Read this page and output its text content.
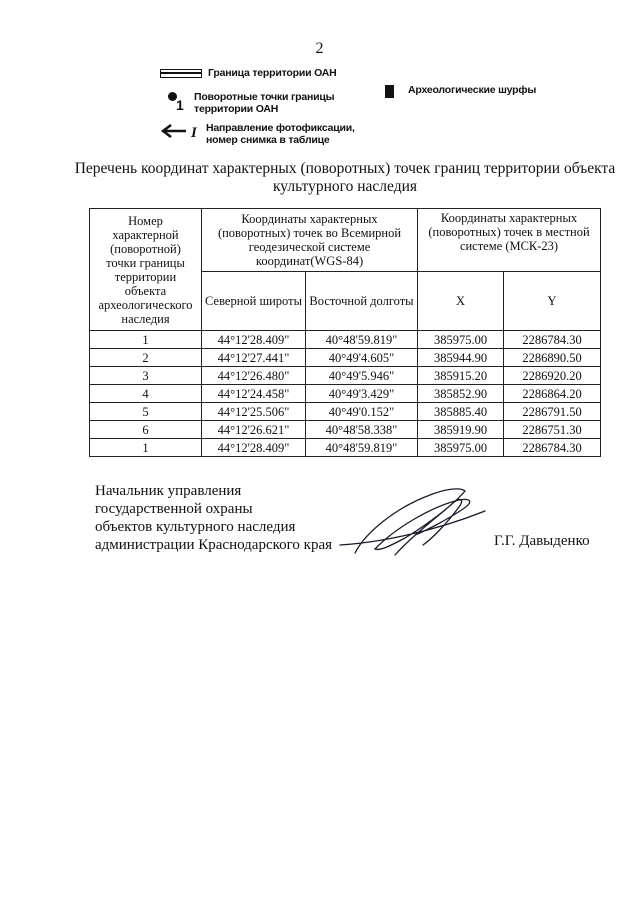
2
Граница территории ОАН
1 Поворотные точки границы территории ОАН
I Направление фотофиксации, номер снимка в таблице
Археологические шурфы
Перечень координат характерных (поворотных) точек границ территории объекта культурного наследия
Номер характерной (поворотной) точки границы территории объекта археологического наследия	Координаты характерных (поворотных) точек во Всемирной геодезической системе координат(WGS-84)		Координаты характерных (поворотных) точек в местной системе (МСК-23)	
	Северной широты	Восточной долготы	X	Y
1	44°12'28.409"	40°48'59.819"	385975.00	2286784.30
2	44°12'27.441"	40°49'4.605"	385944.90	2286890.50
3	44°12'26.480"	40°49'5.946"	385915.20	2286920.20
4	44°12'24.458"	40°49'3.429"	385852.90	2286864.20
5	44°12'25.506"	40°49'0.152"	385885.40	2286791.50
6	44°12'26.621"	40°48'58.338"	385919.90	2286751.30
1	44°12'28.409"	40°48'59.819"	385975.00	2286784.30
Начальник управления
государственной охраны
объектов культурного наследия
администрации Краснодарского края	Г.Г. Давыденко
